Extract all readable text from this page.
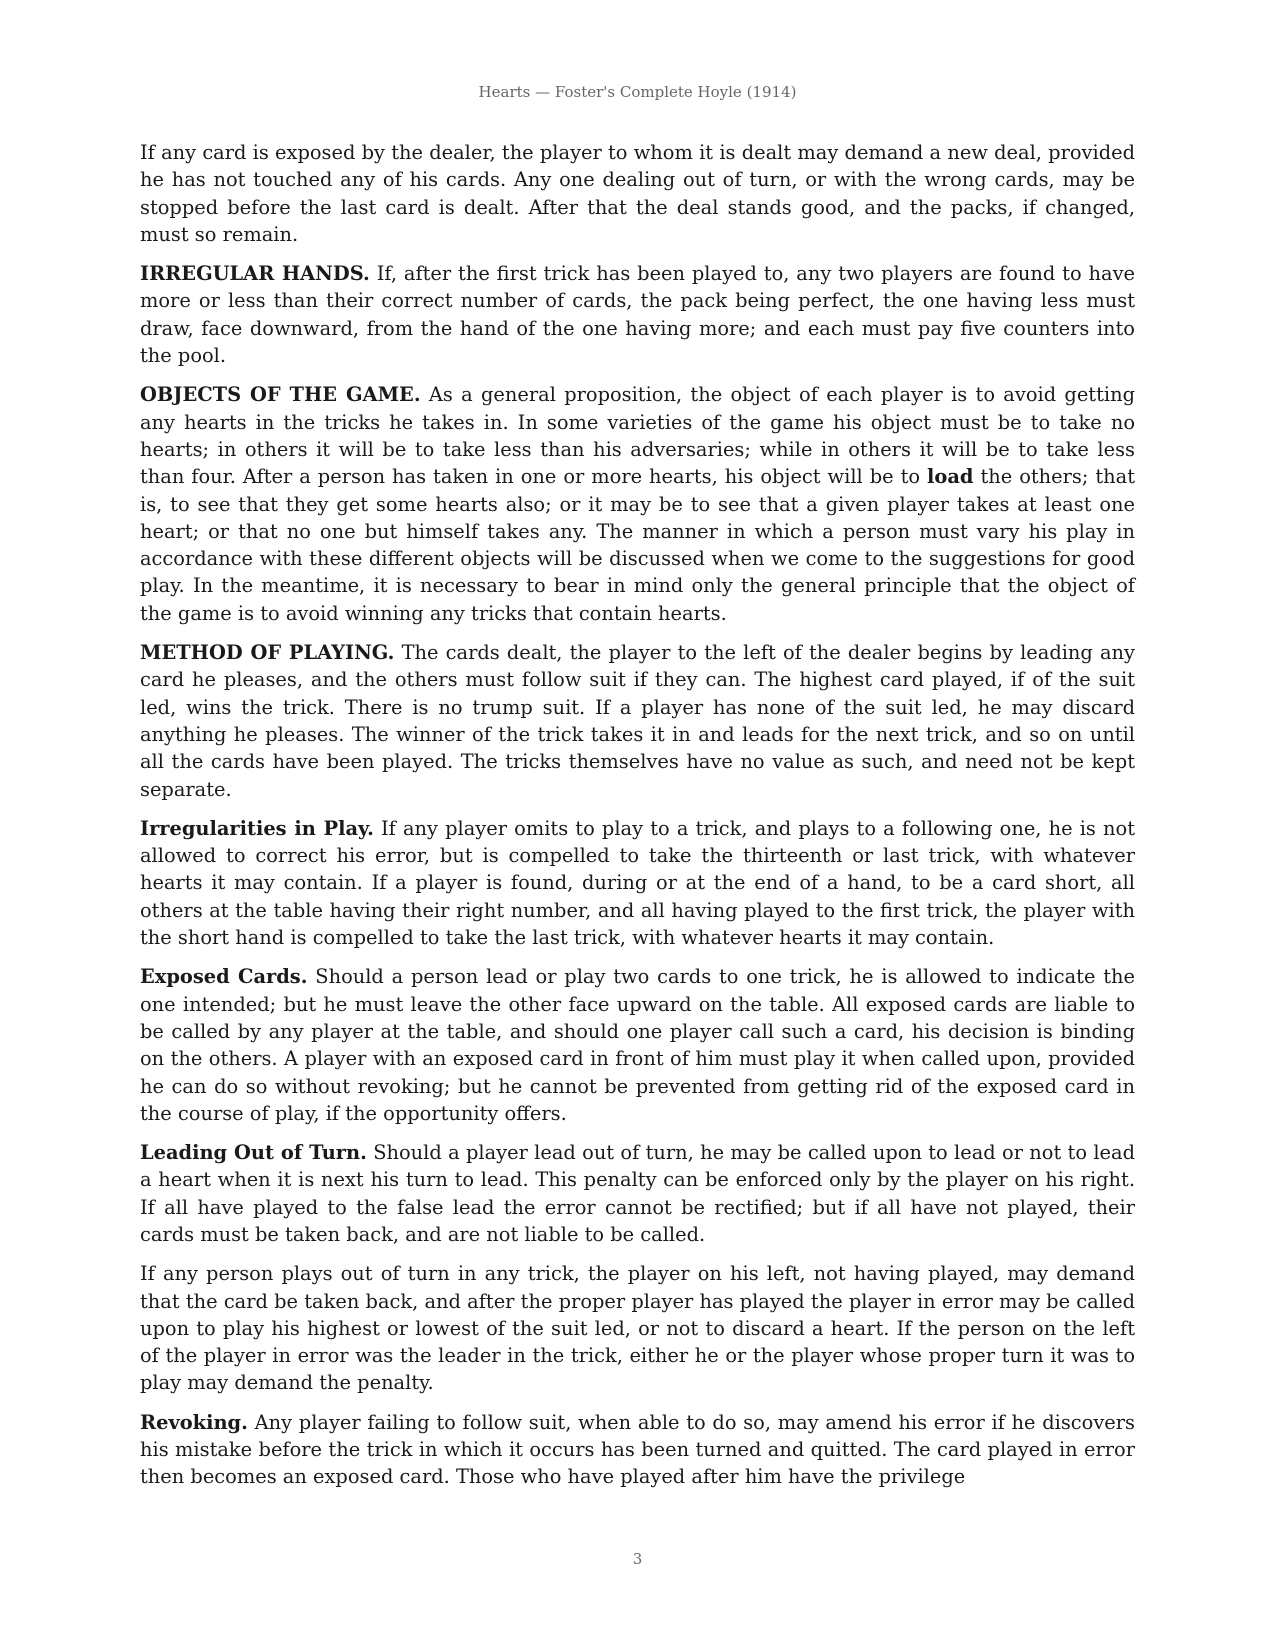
Hearts — Foster's Complete Hoyle (1914)

If any card is exposed by the dealer, the player to whom it is dealt may demand a new deal, provided he has not touched any of his cards. Any one dealing out of turn, or with the wrong cards, may be stopped before the last card is dealt. After that the deal stands good, and the packs, if changed, must so remain.

IRREGULAR HANDS. If, after the first trick has been played to, any two players are found to have more or less than their correct number of cards, the pack being perfect, the one having less must draw, face downward, from the hand of the one having more; and each must pay five counters into the pool.

OBJECTS OF THE GAME. As a general proposition, the object of each player is to avoid getting any hearts in the tricks he takes in. In some varieties of the game his object must be to take no hearts; in others it will be to take less than his adversaries; while in others it will be to take less than four. After a person has taken in one or more hearts, his object will be to load the others; that is, to see that they get some hearts also; or it may be to see that a given player takes at least one heart; or that no one but himself takes any. The manner in which a person must vary his play in accordance with these different objects will be discussed when we come to the suggestions for good play. In the meantime, it is necessary to bear in mind only the general principle that the object of the game is to avoid winning any tricks that contain hearts.

METHOD OF PLAYING. The cards dealt, the player to the left of the dealer begins by leading any card he pleases, and the others must follow suit if they can. The highest card played, if of the suit led, wins the trick. There is no trump suit. If a player has none of the suit led, he may discard anything he pleases. The winner of the trick takes it in and leads for the next trick, and so on until all the cards have been played. The tricks themselves have no value as such, and need not be kept separate.

Irregularities in Play. If any player omits to play to a trick, and plays to a following one, he is not allowed to correct his error, but is compelled to take the thirteenth or last trick, with whatever hearts it may contain. If a player is found, during or at the end of a hand, to be a card short, all others at the table having their right number, and all having played to the first trick, the player with the short hand is compelled to take the last trick, with whatever hearts it may contain.

Exposed Cards. Should a person lead or play two cards to one trick, he is allowed to indicate the one intended; but he must leave the other face upward on the table. All exposed cards are liable to be called by any player at the table, and should one player call such a card, his decision is binding on the others. A player with an exposed card in front of him must play it when called upon, provided he can do so without revoking; but he cannot be prevented from getting rid of the exposed card in the course of play, if the opportunity offers.

Leading Out of Turn. Should a player lead out of turn, he may be called upon to lead or not to lead a heart when it is next his turn to lead. This penalty can be enforced only by the player on his right. If all have played to the false lead the error cannot be rectified; but if all have not played, their cards must be taken back, and are not liable to be called.

If any person plays out of turn in any trick, the player on his left, not having played, may demand that the card be taken back, and after the proper player has played the player in error may be called upon to play his highest or lowest of the suit led, or not to discard a heart. If the person on the left of the player in error was the leader in the trick, either he or the player whose proper turn it was to play may demand the penalty.

Revoking. Any player failing to follow suit, when able to do so, may amend his error if he discovers his mistake before the trick in which it occurs has been turned and quitted. The card played in error then becomes an exposed card. Those who have played after him have the privilege

3
